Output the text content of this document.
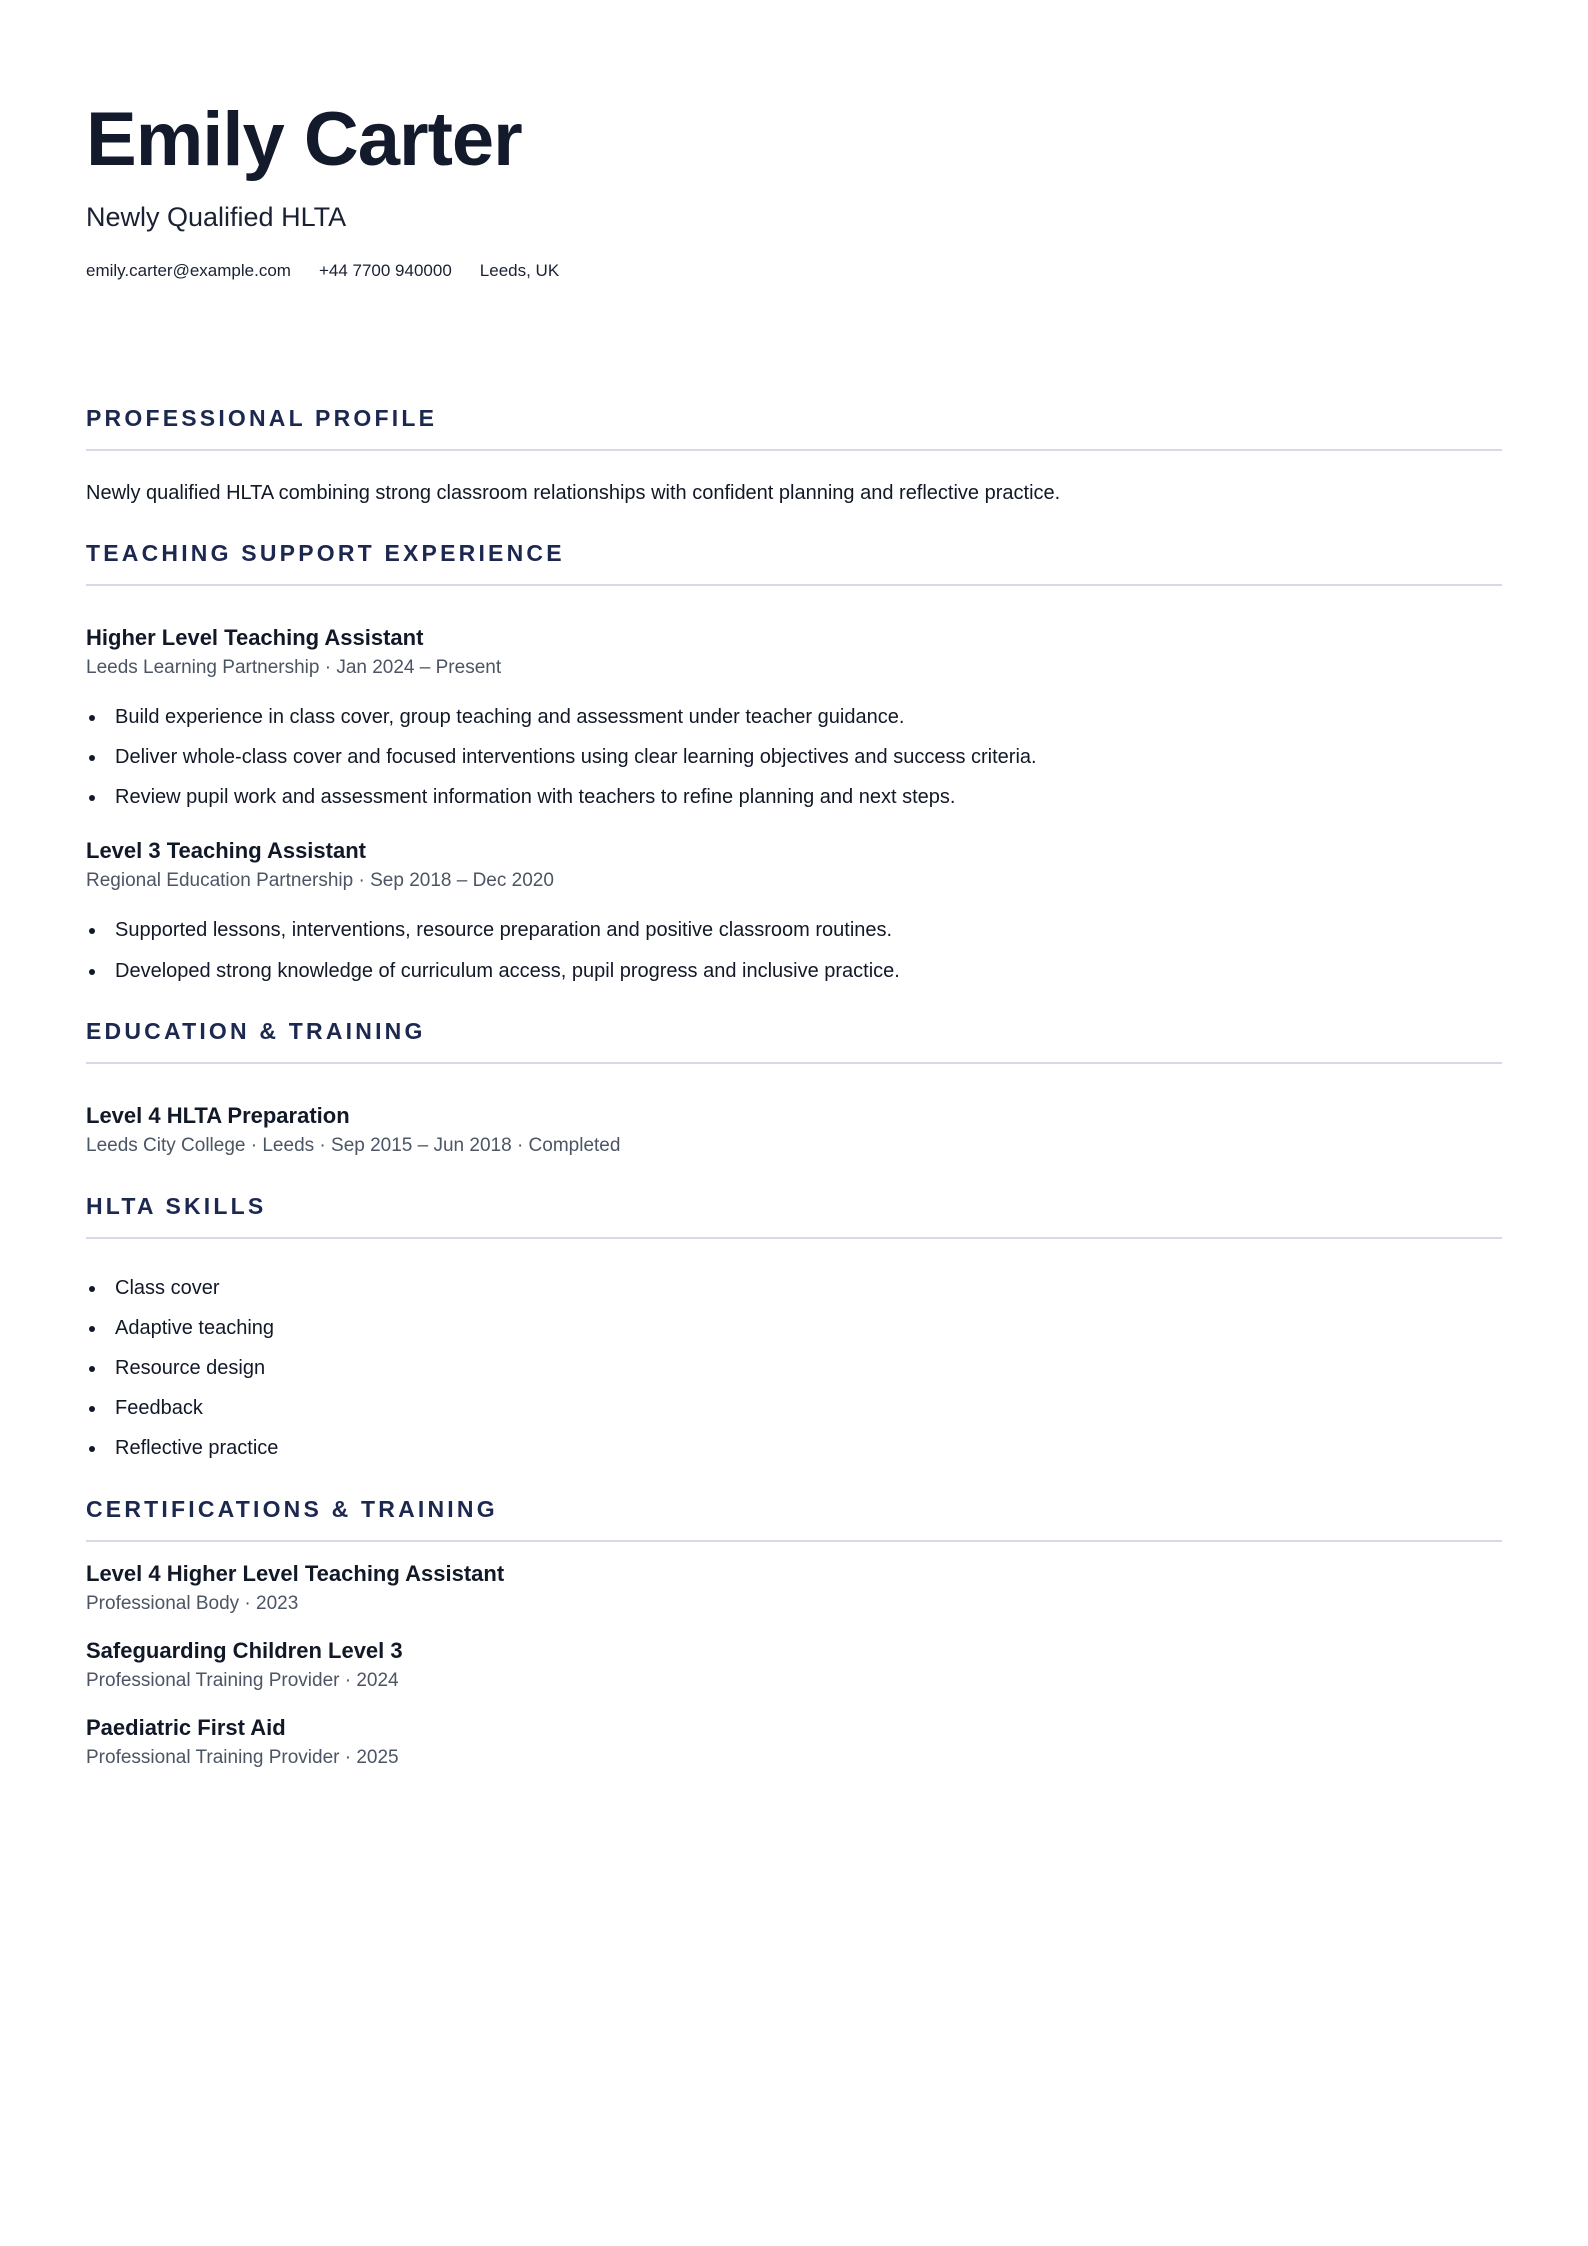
Emily Carter
Newly Qualified HLTA
emily.carter@example.com +44 7700 940000 Leeds, UK
PROFESSIONAL PROFILE
Newly qualified HLTA combining strong classroom relationships with confident planning and reflective practice.
TEACHING SUPPORT EXPERIENCE
Higher Level Teaching Assistant
Leeds Learning Partnership · Jan 2024 – Present
Build experience in class cover, group teaching and assessment under teacher guidance.
Deliver whole-class cover and focused interventions using clear learning objectives and success criteria.
Review pupil work and assessment information with teachers to refine planning and next steps.
Level 3 Teaching Assistant
Regional Education Partnership · Sep 2018 – Dec 2020
Supported lessons, interventions, resource preparation and positive classroom routines.
Developed strong knowledge of curriculum access, pupil progress and inclusive practice.
EDUCATION & TRAINING
Level 4 HLTA Preparation
Leeds City College · Leeds · Sep 2015 – Jun 2018 · Completed
HLTA SKILLS
Class cover
Adaptive teaching
Resource design
Feedback
Reflective practice
CERTIFICATIONS & TRAINING
Level 4 Higher Level Teaching Assistant
Professional Body · 2023
Safeguarding Children Level 3
Professional Training Provider · 2024
Paediatric First Aid
Professional Training Provider · 2025
